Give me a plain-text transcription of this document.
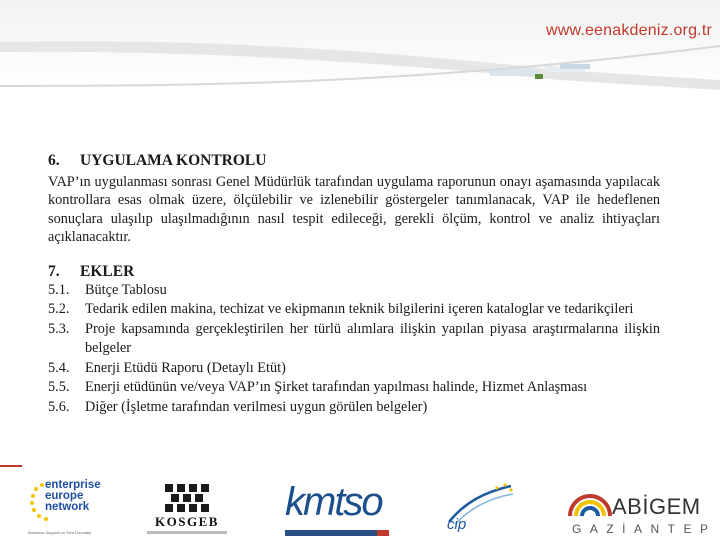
www.eenakdeniz.org.tr
6.	UYGULAMA KONTROLU

VAP’ın uygulanması sonrası Genel Müdürlük tarafından uygulama raporunun onayı aşamasında yapılacak kontrollara esas olmak üzere, ölçülebilir ve izlenebilir göstergeler tanımlanacak, VAP ile hedeflenen sonuçlara ulaşılıp ulaşılmadığının nasıl tespit edileceği, gerekli ölçüm, kontrol ve analiz ihtiyaçları açıklanacaktır.

7.	EKLER
5.1.	Bütçe Tablosu
5.2.	Tedarik edilen makina, techizat ve ekipmanın teknik bilgilerini içeren kataloglar ve tedarikçileri
5.3.	Proje kapsamında gerçekleştirilen her türlü alımlara ilişkin yapılan piyasa araştırmalarına ilişkin belgeler
5.4.	Enerji Etüdü Raporu (Detaylı Etüt)
5.5.	Enerji etüdünün ve/veya VAP’ın Şirket tarafından yapılması halinde, Hizmet Anlaşması
5.6.	Diğer (İşletme tarafından verilmesi uygun görülen belgeler)
enterprise
europe
network
Business Support on Your Doorstep
KOSGEB	kmtso
cip
ABİGEM
GAZİANTEP
